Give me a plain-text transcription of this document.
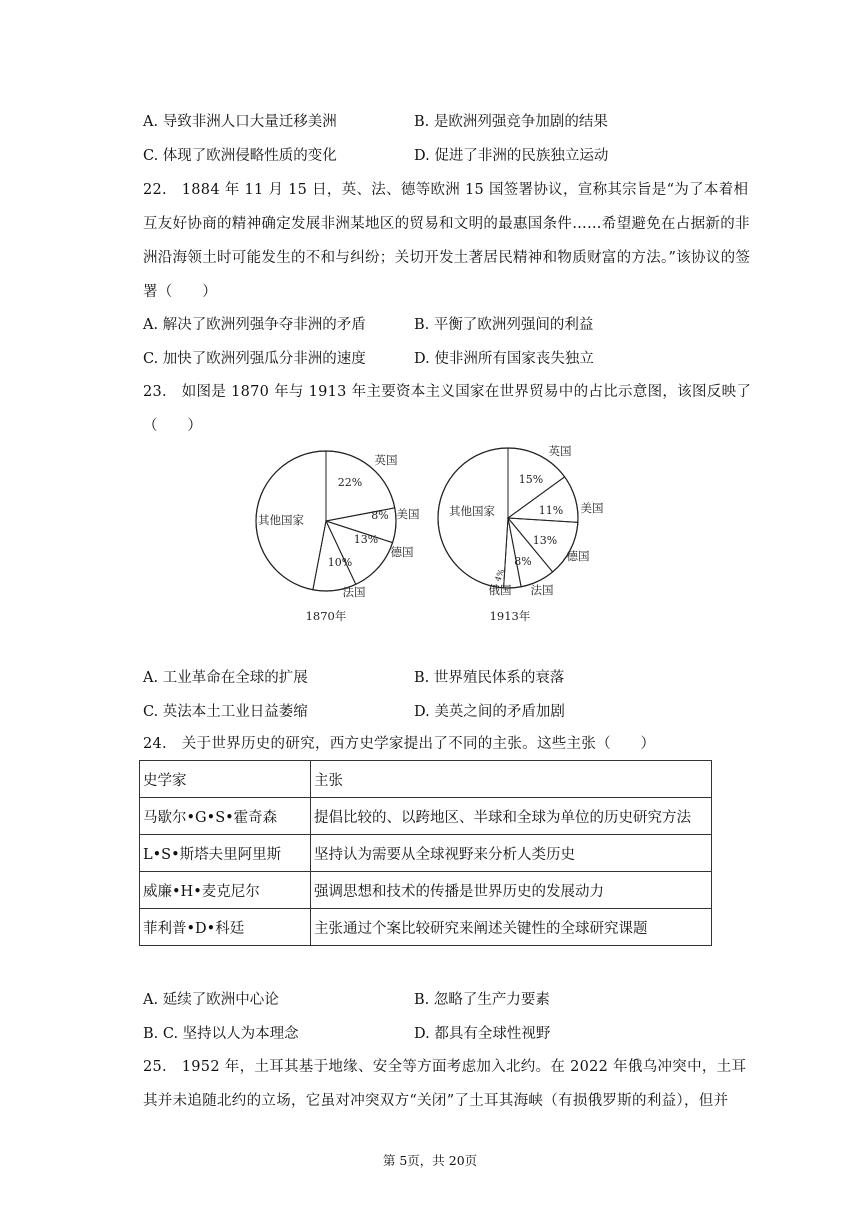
A. 导致非洲人口大量迁移美洲	B. 是欧洲列强竞争加剧的结果
C. 体现了欧洲侵略性质的变化	D. 促进了非洲的民族独立运动
22.　1884 年 11 月 15 日，英、法、德等欧洲 15 国签署协议，宣称其宗旨是“为了本着相互友好协商的精神确定发展非洲某地区的贸易和文明的最惠国条件……希望避免在占据新的非洲沿海领土时可能发生的不和与纠纷；关切开发土著居民精神和物质财富的方法。”该协议的签署（　　）
A. 解决了欧洲列强争夺非洲的矛盾	B. 平衡了欧洲列强间的利益
C. 加快了欧洲列强瓜分非洲的速度	D. 使非洲所有国家丧失独立
23.　如图是 1870 年与 1913 年主要资本主义国家在世界贸易中的占比示意图，该图反映了（　　）
英国
22%
美国
8%
德国
13%
法国
10%
其他国家
1870年
英国
15%
美国
11%
德国
13%
法国
8%
俄国
4%
其他国家
1913年
A. 工业革命在全球的扩展	B. 世界殖民体系的衰落
C. 英法本土工业日益萎缩	D. 美英之间的矛盾加剧
24.　关于世界历史的研究，西方史学家提出了不同的主张。这些主张（　　）
史学家	主张
马歇尔•G•S•霍奇森	提倡比较的、以跨地区、半球和全球为单位的历史研究方法
L•S•斯塔夫里阿里斯	坚持认为需要从全球视野来分析人类历史
威廉•H•麦克尼尔	强调思想和技术的传播是世界历史的发展动力
菲利普•D•科廷	主张通过个案比较研究来阐述关键性的全球研究课题
A. 延续了欧洲中心论	B. 忽略了生产力要素
B. C. 坚持以人为本理念	D. 都具有全球性视野
25.　1952 年，土耳其基于地缘、安全等方面考虑加入北约。在 2022 年俄乌冲突中，土耳其并未追随北约的立场，它虽对冲突双方“关闭”了土耳其海峡（有损俄罗斯的利益），但并
第 5页，共 20页
